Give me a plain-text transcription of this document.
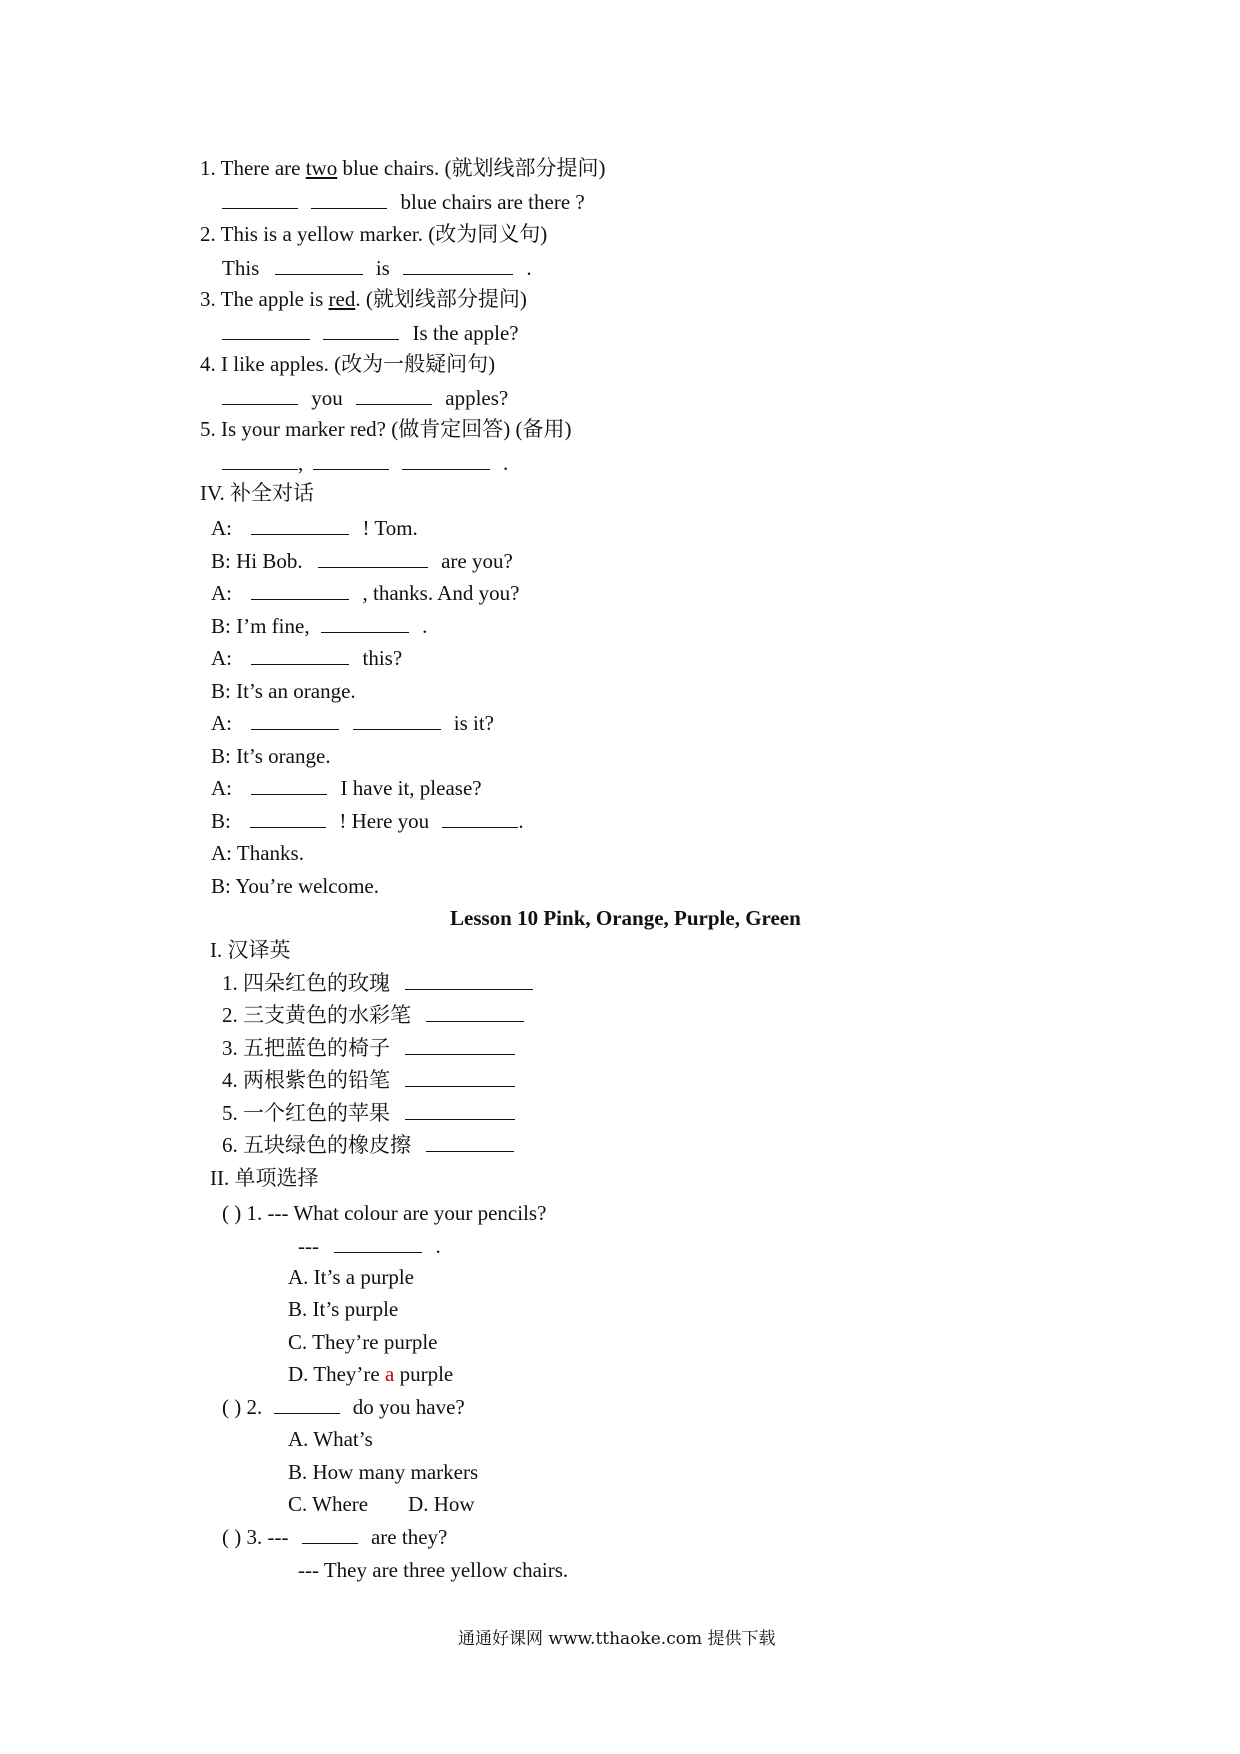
1. There are two blue chairs. (就划线部分提问)
blue chairs are there ?
2. This is a yellow marker. (改为同义句)
This	is	.
3. The apple is red. (就划线部分提问)
Is the apple?
4. I like apples. (改为一般疑问句)
you	apples?
5. Is your marker red? (做肯定回答) (备用)
,	.
IV. 补全对话
A:	! Tom.
B: Hi Bob.	are you?
A:	, thanks. And you?
B: I’m fine,	.
A:	this?
B: It’s an orange.
A:	is it?
B: It’s orange.
A:	I have it, please?
B:	! Here you	.
A: Thanks.
B: You’re welcome.
Lesson 10 Pink, Orange, Purple, Green
I. 汉译英
1. 四朵红色的玫瑰
2. 三支黄色的水彩笔
3. 五把蓝色的椅子
4. 两根紫色的铅笔
5. 一个红色的苹果
6. 五块绿色的橡皮擦
II. 单项选择
( ) 1. --- What colour are your pencils?
---	.
A. It’s a purple
B. It’s purple
C. They’re purple
D. They’re a purple
( ) 2.	do you have?
A. What’s
B. How many markers
C. Where D. How
( ) 3. ---	are they?
--- They are three yellow chairs.
通通好课网 www.tthaoke.com 提供下载
